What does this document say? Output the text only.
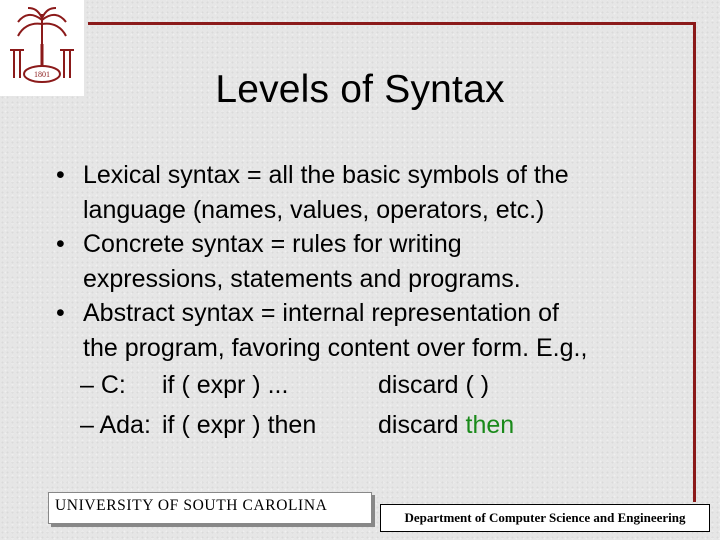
1801	Levels of Syntax
• Lexical syntax = all the basic symbols of the
language (names, values, operators, etc.)
• Concrete syntax = rules for writing
expressions, statements and programs.
• Abstract syntax = internal representation of
the program, favoring content over form. E.g.,
– C: if ( expr ) ...	discard ( )
– Ada: if ( expr ) then discard then
UNIVERSITY OF SOUTH CAROLINA
Department of Computer Science and Engineering
